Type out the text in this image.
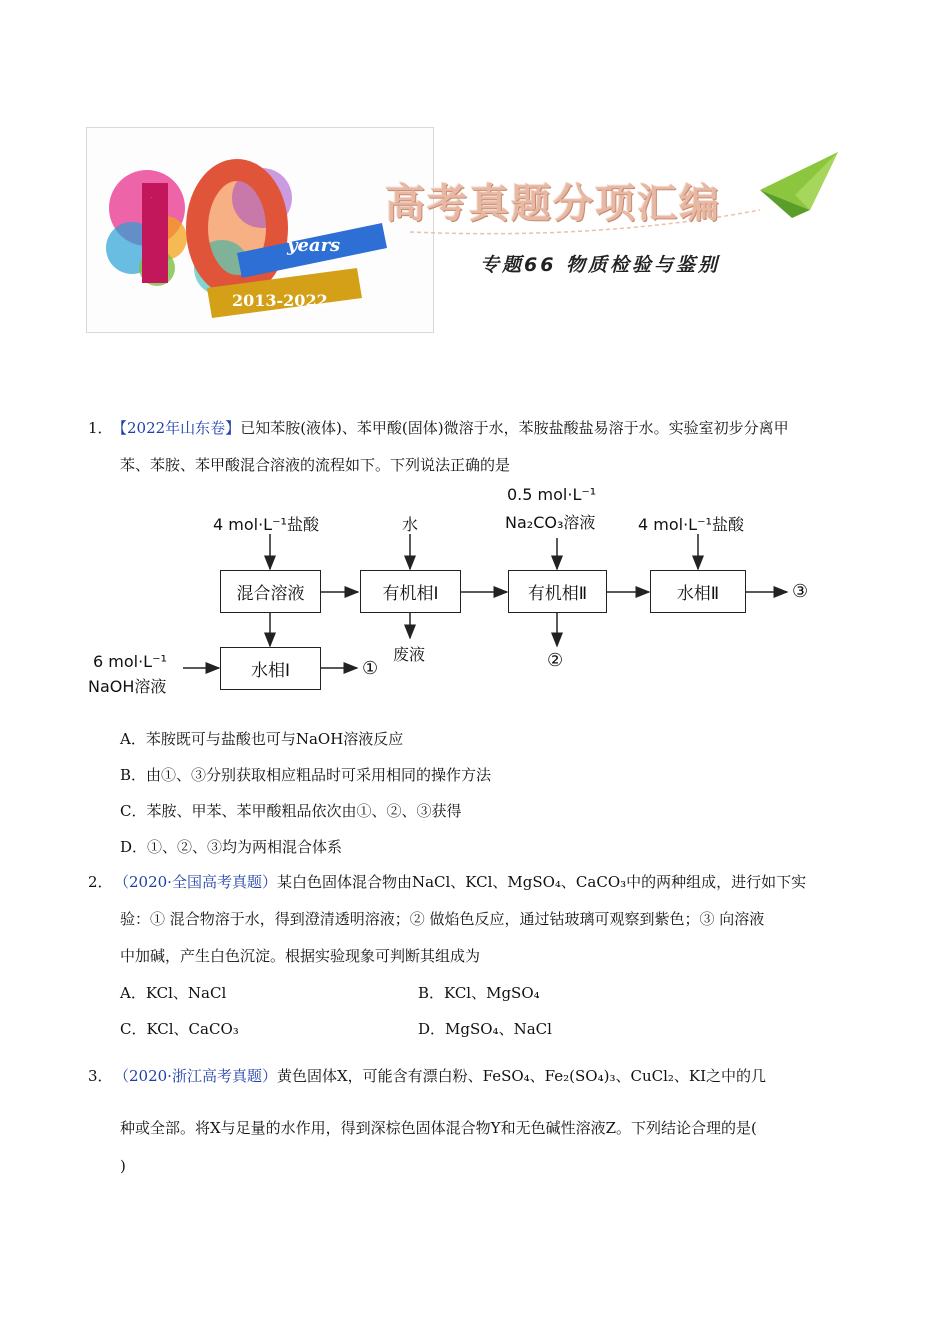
years
2013-2022
10	高考真题分项汇编
专题66 物质检验与鉴别
1． 【2022年山东卷】已知苯胺(液体)、苯甲酸(固体)微溶于水，苯胺盐酸盐易溶于水。实验室初步分离甲
苯、苯胺、苯甲酸混合溶液的流程如下。下列说法正确的是
混合溶液	有机相Ⅰ	有机相Ⅱ	水相Ⅱ
水相Ⅰ
4 mol·L⁻¹盐酸	水
0.5 mol·L⁻¹
Na₂CO₃溶液	4 mol·L⁻¹盐酸
6 mol·L⁻¹
NaOH溶液
废液
①	②
③
A．苯胺既可与盐酸也可与NaOH溶液反应
B．由①、③分别获取相应粗品时可采用相同的操作方法
C．苯胺、甲苯、苯甲酸粗品依次由①、②、③获得
D．①、②、③均为两相混合体系
2． （2020·全国高考真题）某白色固体混合物由NaCl、KCl、MgSO₄、CaCO₃中的两种组成，进行如下实
验：① 混合物溶于水，得到澄清透明溶液；② 做焰色反应，通过钴玻璃可观察到紫色；③ 向溶液
中加碱，产生白色沉淀。根据实验现象可判断其组成为
A．KCl、NaCl	B．KCl、MgSO₄
C．KCl、CaCO₃	D．MgSO₄、NaCl
3． （2020·浙江高考真题）黄色固体X，可能含有漂白粉、FeSO₄、Fe₂(SO₄)₃、CuCl₂、KI之中的几
种或全部。将X与足量的水作用，得到深棕色固体混合物Y和无色碱性溶液Z。下列结论合理的是(
)
